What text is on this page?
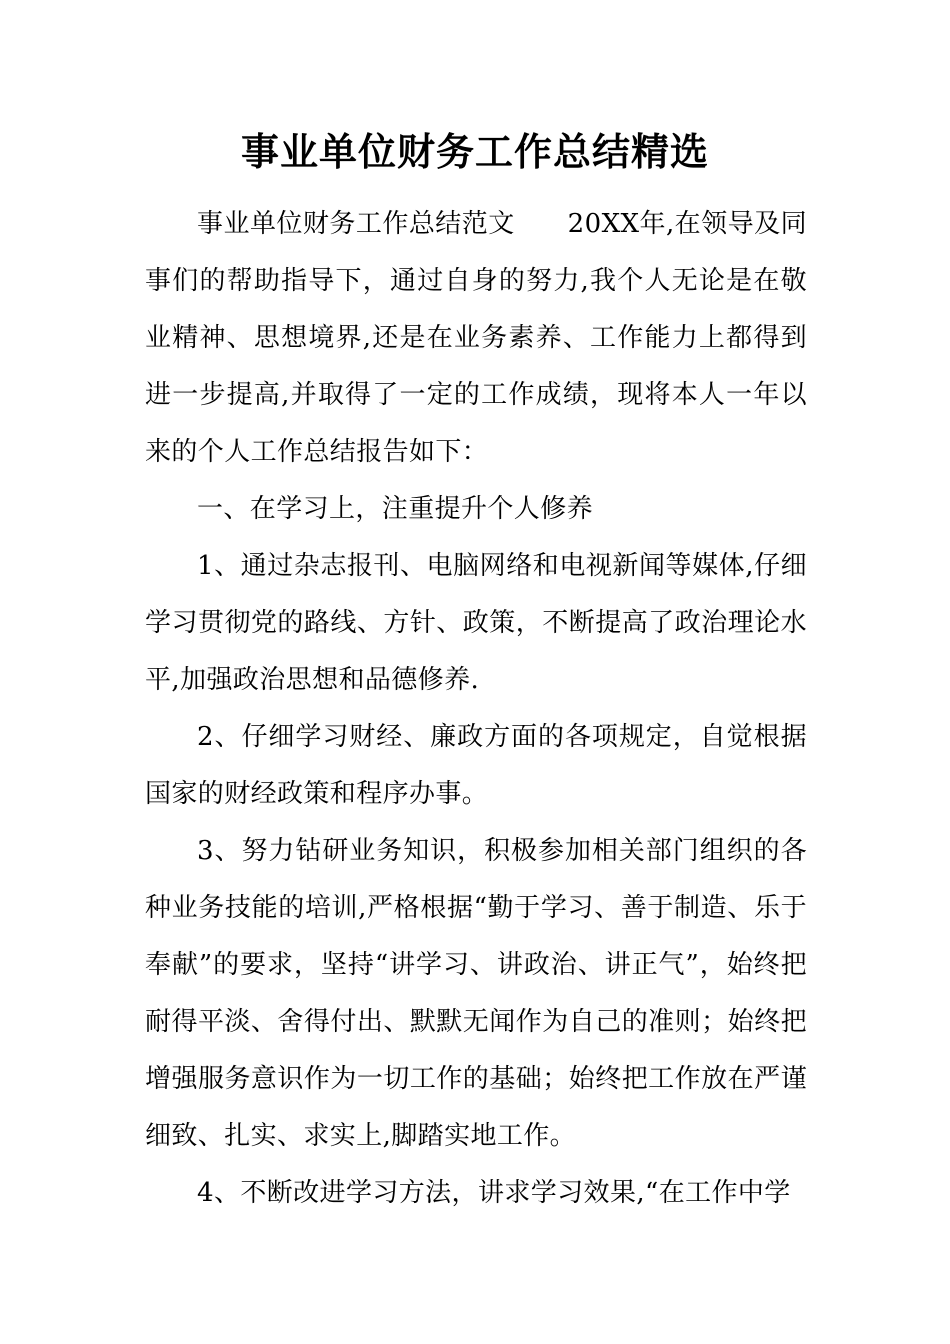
事业单位财务工作总结精选

事业单位财务工作总结范文　　20XX年,在领导及同事们的帮助指导下，通过自身的努力,我个人无论是在敬业精神、思想境界,还是在业务素养、工作能力上都得到进一步提高,并取得了一定的工作成绩，现将本人一年以来的个人工作总结报告如下：

一、在学习上，注重提升个人修养

1、通过杂志报刊、电脑网络和电视新闻等媒体,仔细学习贯彻党的路线、方针、政策，不断提高了政治理论水平,加强政治思想和品德修养.

2、仔细学习财经、廉政方面的各项规定，自觉根据国家的财经政策和程序办事。

3、努力钻研业务知识，积极参加相关部门组织的各种业务技能的培训,严格根据“勤于学习、善于制造、乐于奉献”的要求，坚持“讲学习、讲政治、讲正气”，始终把耐得平淡、舍得付出、默默无闻作为自己的准则；始终把增强服务意识作为一切工作的基础；始终把工作放在严谨细致、扎实、求实上,脚踏实地工作。

4、不断改进学习方法，讲求学习效果,“在工作中学
